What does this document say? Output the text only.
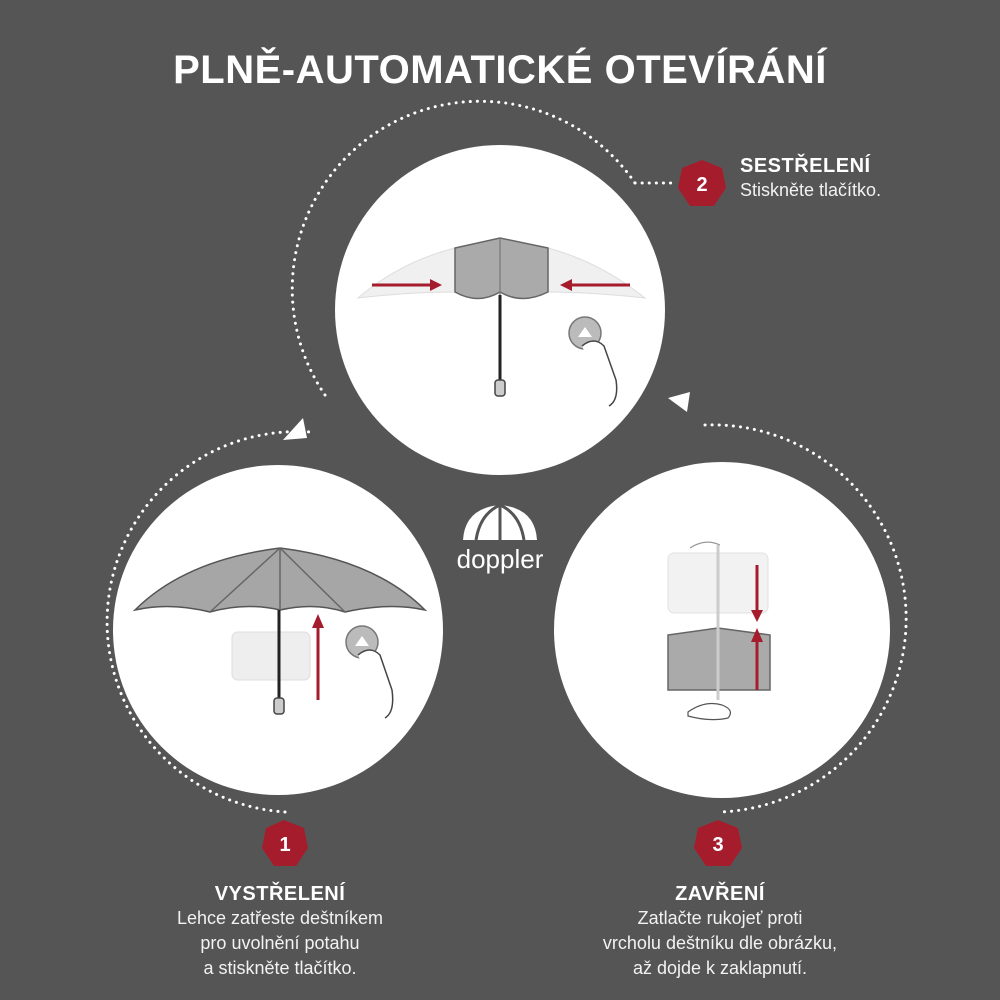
PLNĚ-AUTOMATICKÉ OTEVÍRÁNÍ
doppler
1
2
3
VYSTŘELENÍ
Lehce zatřeste deštníkem
pro uvolnění potahu
a stiskněte tlačítko.
SESTŘELENÍ
Stiskněte tlačítko.
ZAVŘENÍ
Zatlačte rukojeť proti
vrcholu deštníku dle obrázku,
až dojde k zaklapnutí.
